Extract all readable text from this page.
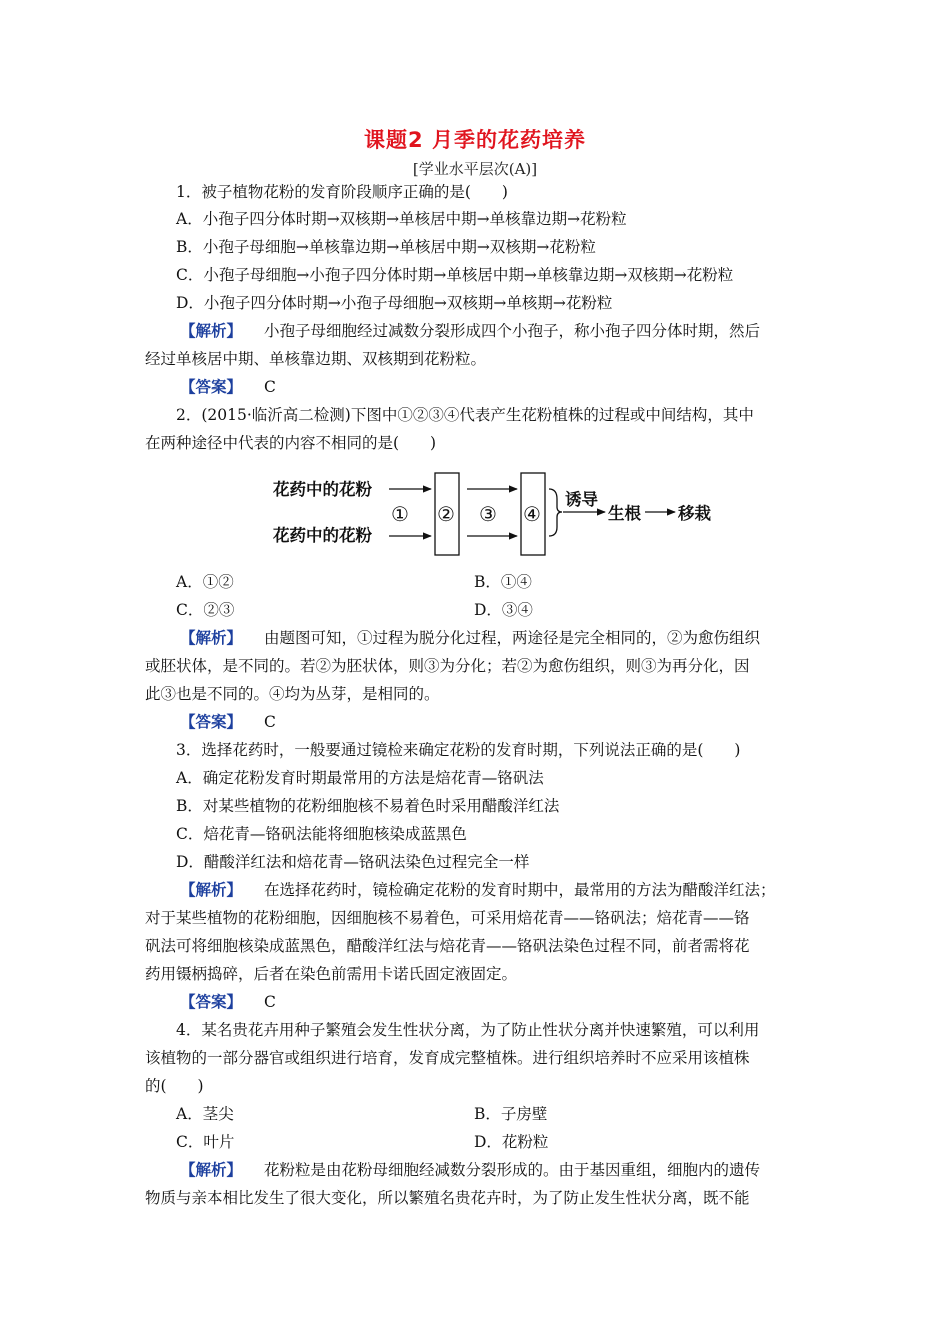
课题2 月季的花药培养
[学业水平层次(A)]
1．被子植物花粉的发育阶段顺序正确的是(　　)
A．小孢子四分体时期→双核期→单核居中期→单核靠边期→花粉粒
B．小孢子母细胞→单核靠边期→单核居中期→双核期→花粉粒
C．小孢子母细胞→小孢子四分体时期→单核居中期→单核靠边期→双核期→花粉粒
D．小孢子四分体时期→小孢子母细胞→双核期→单核期→花粉粒
【解析】 小孢子母细胞经过减数分裂形成四个小孢子，称小孢子四分体时期，然后
经过单核居中期、单核靠边期、双核期到花粉粒。
【答案】 C
2．(2015·临沂高二检测)下图中①②③④代表产生花粉植株的过程或中间结构，其中
在两种途径中代表的内容不相同的是(　　)
花药中的花粉
花药中的花粉
① ② ③ ④
诱导
生根 移栽
A．①②	B．①④
C．②③	D．③④
【解析】 由题图可知，①过程为脱分化过程，两途径是完全相同的，②为愈伤组织
或胚状体，是不同的。若②为胚状体，则③为分化；若②为愈伤组织，则③为再分化，因
此③也是不同的。④均为丛芽，是相同的。
【答案】 C
3．选择花药时，一般要通过镜检来确定花粉的发育时期，下列说法正确的是(　　)
A．确定花粉发育时期最常用的方法是焙花青—铬矾法
B．对某些植物的花粉细胞核不易着色时采用醋酸洋红法
C．焙花青—铬矾法能将细胞核染成蓝黑色
D．醋酸洋红法和焙花青—铬矾法染色过程完全一样
【解析】 在选择花药时，镜检确定花粉的发育时期中，最常用的方法为醋酸洋红法；
对于某些植物的花粉细胞，因细胞核不易着色，可采用焙花青——铬矾法；焙花青——铬
矾法可将细胞核染成蓝黑色，醋酸洋红法与焙花青——铬矾法染色过程不同，前者需将花
药用镊柄捣碎，后者在染色前需用卡诺氏固定液固定。
【答案】 C
4．某名贵花卉用种子繁殖会发生性状分离，为了防止性状分离并快速繁殖，可以利用
该植物的一部分器官或组织进行培育，发育成完整植株。进行组织培养时不应采用该植株
的(　　)
A．茎尖	B．子房壁
C．叶片	D．花粉粒
【解析】 花粉粒是由花粉母细胞经减数分裂形成的。由于基因重组，细胞内的遗传
物质与亲本相比发生了很大变化，所以繁殖名贵花卉时，为了防止发生性状分离，既不能
